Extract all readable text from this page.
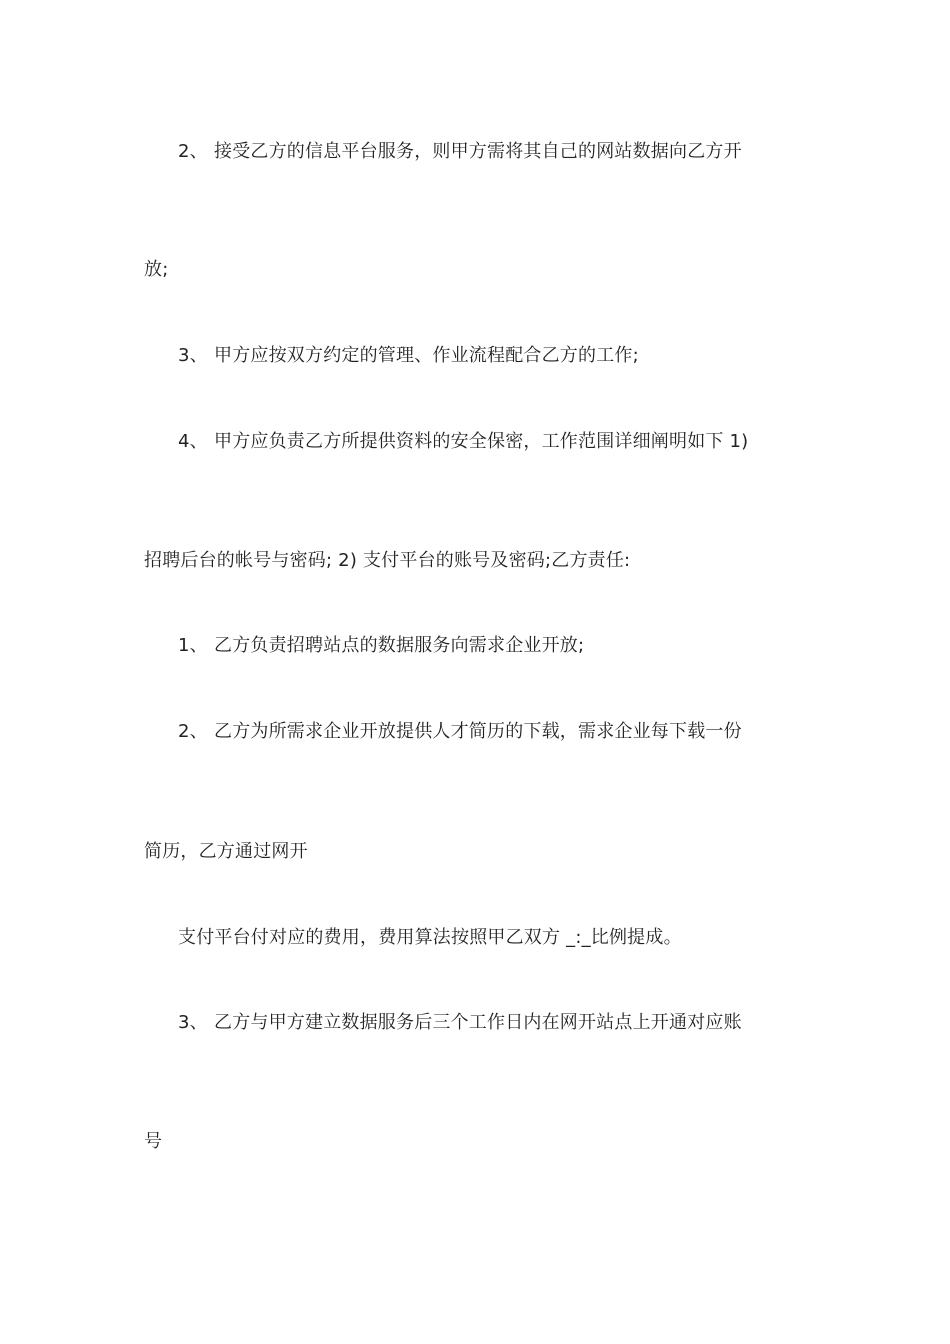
2、 接受乙方的信息平台服务，则甲方需将其自己的网站数据向乙方开
放;
3、 甲方应按双方约定的管理、作业流程配合乙方的工作;
4、 甲方应负责乙方所提供资料的安全保密，工作范围详细阐明如下 1)
招聘后台的帐号与密码; 2) 支付平台的账号及密码;乙方责任:
1、 乙方负责招聘站点的数据服务向需求企业开放;
2、 乙方为所需求企业开放提供人才简历的下载，需求企业每下载一份
简历，乙方通过网开
支付平台付对应的费用，费用算法按照甲乙双方 _:_比例提成。
3、 乙方与甲方建立数据服务后三个工作日内在网开站点上开通对应账
号
